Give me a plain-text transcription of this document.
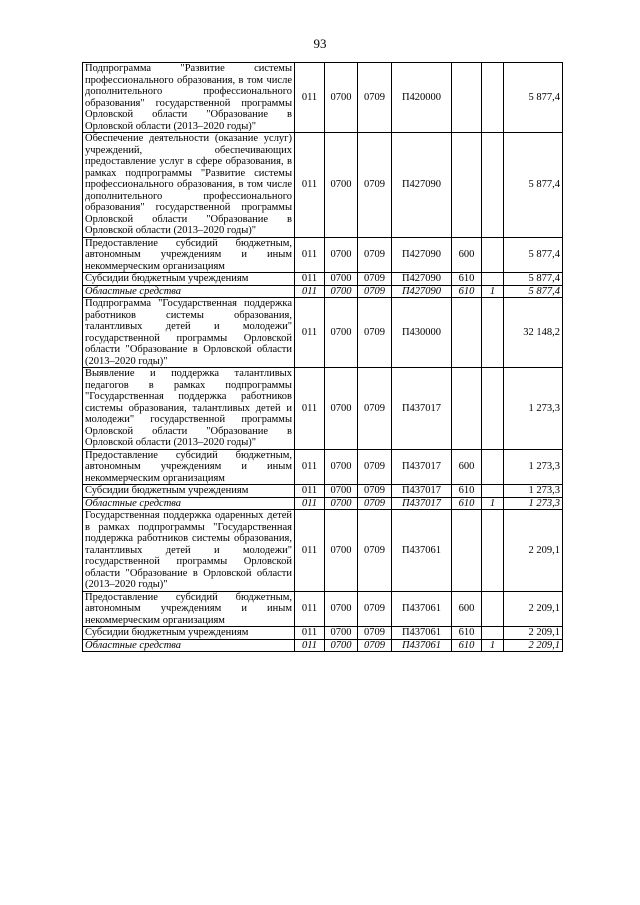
93
Подпрограмма "Развитие системы профессионального образования, в том числе дополнительного профессионального образования" государственной программы Орловской области "Образование в Орловской области (2013–2020 годы)"	011	0700	0709	П420000			5 877,4
Обеспечение деятельности (оказание услуг) учреждений, обеспечивающих предоставление услуг в сфере образования, в рамках подпрограммы "Развитие системы профессионального образования, в том числе дополнительного профессионального образования" государственной программы Орловской области "Образование в Орловской области (2013–2020 годы)"	011	0700	0709	П427090			5 877,4
Предоставление субсидий бюджетным, автономным учреждениям и иным некоммерческим организациям	011	0700	0709	П427090	600		5 877,4
Субсидии бюджетным учреждениям	011	0700	0709	П427090	610		5 877,4
Областные средства	011	0700	0709	П427090	610	1	5 877,4
Подпрограмма "Государственная поддержка работников системы образования, талантливых детей и молодежи" государственной программы Орловской области "Образование в Орловской области (2013–2020 годы)"	011	0700	0709	П430000			32 148,2
Выявление и поддержка талантливых педагогов в рамках подпрограммы "Государственная поддержка работников системы образования, талантливых детей и молодежи" государственной программы Орловской области "Образование в Орловской области (2013–2020 годы)"	011	0700	0709	П437017			1 273,3
Предоставление субсидий бюджетным, автономным учреждениям и иным некоммерческим организациям	011	0700	0709	П437017	600		1 273,3
Субсидии бюджетным учреждениям	011	0700	0709	П437017	610		1 273,3
Областные средства	011	0700	0709	П437017	610	1	1 273,3
Государственная поддержка одаренных детей в рамках подпрограммы "Государственная поддержка работников системы образования, талантливых детей и молодежи" государственной программы Орловской области "Образование в Орловской области (2013–2020 годы)"	011	0700	0709	П437061			2 209,1
Предоставление субсидий бюджетным, автономным учреждениям и иным некоммерческим организациям	011	0700	0709	П437061	600		2 209,1
Субсидии бюджетным учреждениям	011	0700	0709	П437061	610		2 209,1
Областные средства	011	0700	0709	П437061	610	1	2 209,1
